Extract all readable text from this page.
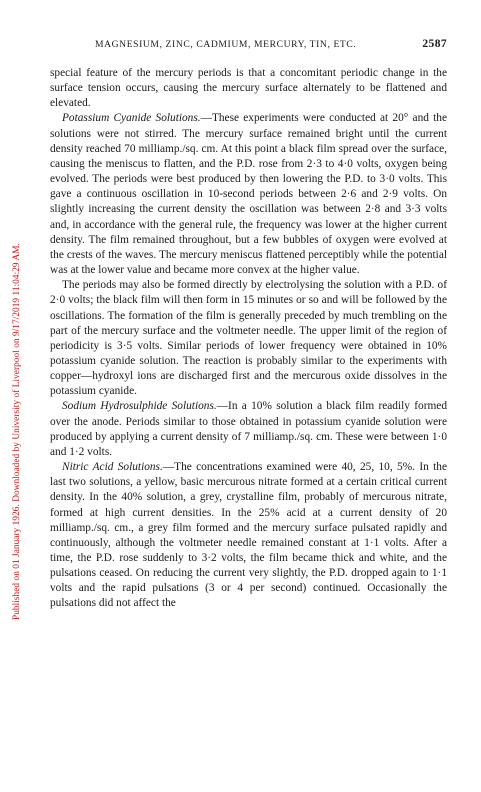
Published on 01 January 1926. Downloaded by University of Liverpool on 9/17/2019 11:04:29 AM.
MAGNESIUM, ZINC, CADMIUM, MERCURY, TIN, ETC.	2587

special feature of the mercury periods is that a concomitant periodic change in the surface tension occurs, causing the mercury surface alternately to be flattened and elevated.

Potassium Cyanide Solutions.—These experiments were conducted at 20° and the solutions were not stirred. The mercury surface remained bright until the current density reached 70 milliamp./sq. cm. At this point a black film spread over the surface, causing the meniscus to flatten, and the P.D. rose from 2·3 to 4·0 volts, oxygen being evolved. The periods were best produced by then lowering the P.D. to 3·0 volts. This gave a continuous oscillation in 10-second periods between 2·6 and 2·9 volts. On slightly increasing the current density the oscillation was between 2·8 and 3·3 volts and, in accordance with the general rule, the frequency was lower at the higher current density. The film remained throughout, but a few bubbles of oxygen were evolved at the crests of the waves. The mercury meniscus flattened perceptibly while the potential was at the lower value and became more convex at the higher value.

The periods may also be formed directly by electrolysing the solution with a P.D. of 2·0 volts; the black film will then form in 15 minutes or so and will be followed by the oscillations. The formation of the film is generally preceded by much trembling on the part of the mercury surface and the voltmeter needle. The upper limit of the region of periodicity is 3·5 volts. Similar periods of lower frequency were obtained in 10% potassium cyanide solution. The reaction is probably similar to the experiments with copper—hydroxyl ions are discharged first and the mercurous oxide dissolves in the potassium cyanide.

Sodium Hydrosulphide Solutions.—In a 10% solution a black film readily formed over the anode. Periods similar to those obtained in potassium cyanide solution were produced by applying a current density of 7 milliamp./sq. cm. These were between 1·0 and 1·2 volts.

Nitric Acid Solutions.—The concentrations examined were 40, 25, 10, 5%. In the last two solutions, a yellow, basic mercurous nitrate formed at a certain critical current density. In the 40% solution, a grey, crystalline film, probably of mercurous nitrate, formed at high current densities. In the 25% acid at a current density of 20 milliamp./sq. cm., a grey film formed and the mercury surface pulsated rapidly and continuously, although the voltmeter needle remained constant at 1·1 volts. After a time, the P.D. rose suddenly to 3·2 volts, the film became thick and white, and the pulsations ceased. On reducing the current very slightly, the P.D. dropped again to 1·1 volts and the rapid pulsations (3 or 4 per second) continued. Occasionally the pulsations did not affect the
